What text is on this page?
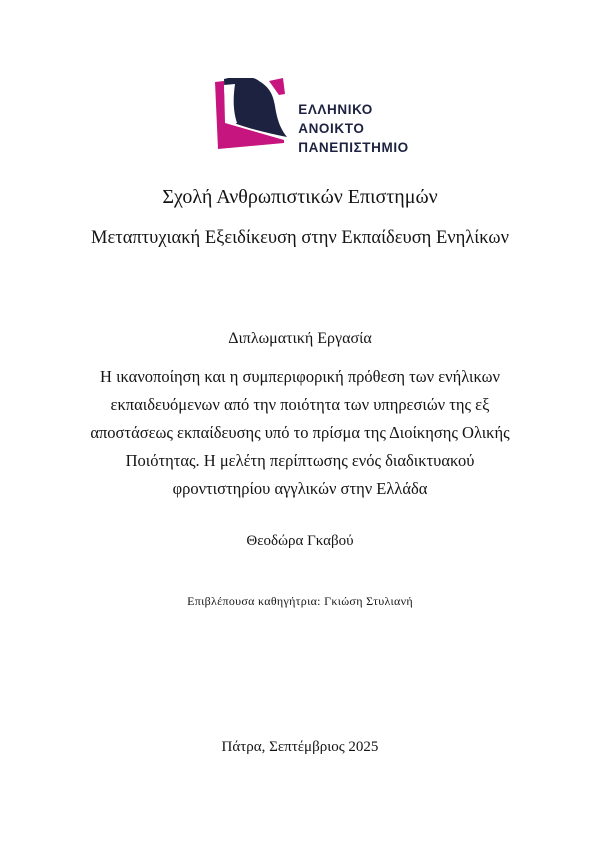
ΕΛΛΗΝΙΚΟ
ΑΝΟΙΚΤΟ
ΠΑΝΕΠΙΣΤΗΜΙΟ
Σχολή Ανθρωπιστικών Επιστημών
Μεταπτυχιακή Εξειδίκευση στην Εκπαίδευση Ενηλίκων
Διπλωματική Εργασία
Η ικανοποίηση και η συμπεριφορική πρόθεση των ενήλικων
εκπαιδευόμενων από την ποιότητα των υπηρεσιών της εξ
αποστάσεως εκπαίδευσης υπό το πρίσμα της Διοίκησης Ολικής
Ποιότητας. Η μελέτη περίπτωσης ενός διαδικτυακού
φροντιστηρίου αγγλικών στην Ελλάδα
Θεοδώρα Γκαβού
Επιβλέπουσα καθηγήτρια: Γκιώση Στυλιανή
Πάτρα, Σεπτέμβριος 2025
